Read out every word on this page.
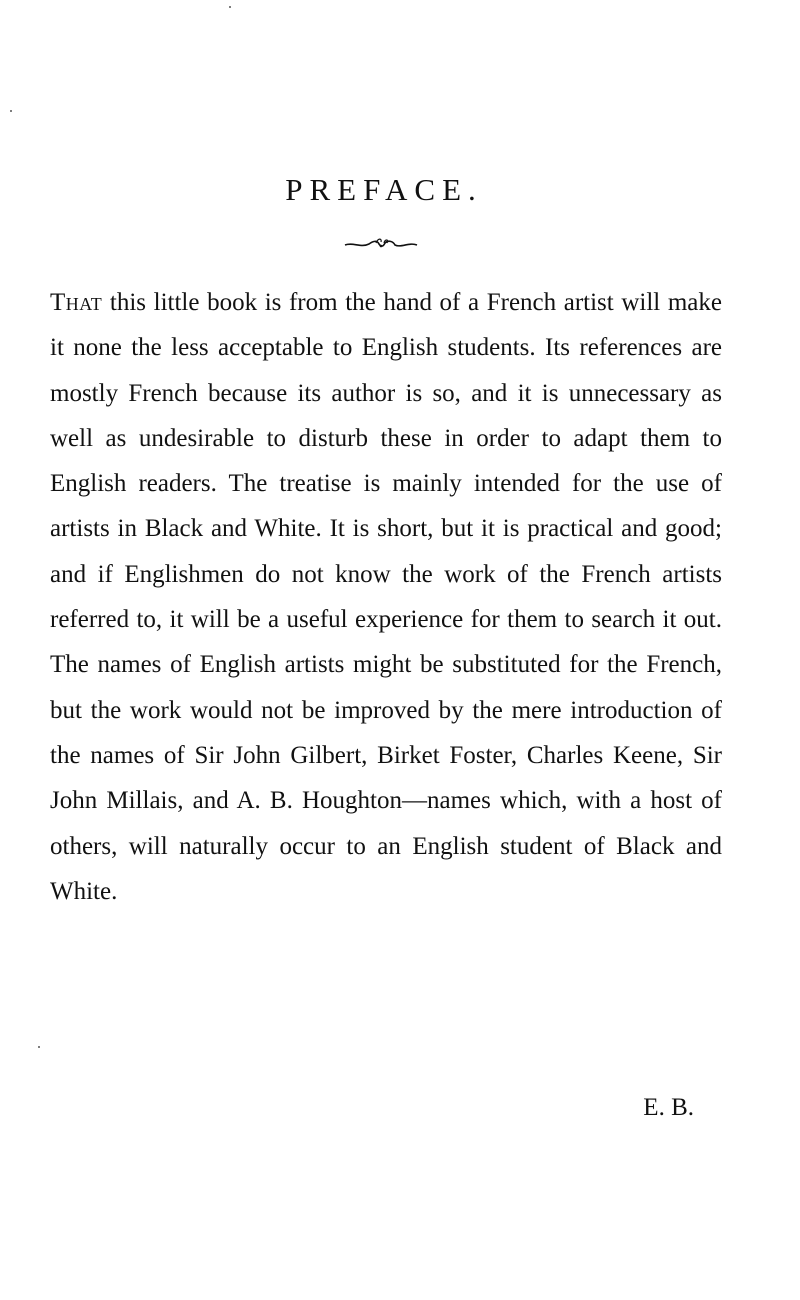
PREFACE.

That this little book is from the hand of a French artist will make it none the less acceptable to English students. Its references are mostly French because its author is so, and it is unnecessary as well as undesirable to disturb these in order to adapt them to English readers. The treatise is mainly intended for the use of artists in Black and White. It is short, but it is practical and good; and if Englishmen do not know the work of the French artists referred to, it will be a useful experience for them to search it out. The names of English artists might be substituted for the French, but the work would not be improved by the mere introduction of the names of Sir John Gilbert, Birket Foster, Charles Keene, Sir John Millais, and A. B. Houghton—names which, with a host of others, will naturally occur to an English student of Black and White.

E. B.
